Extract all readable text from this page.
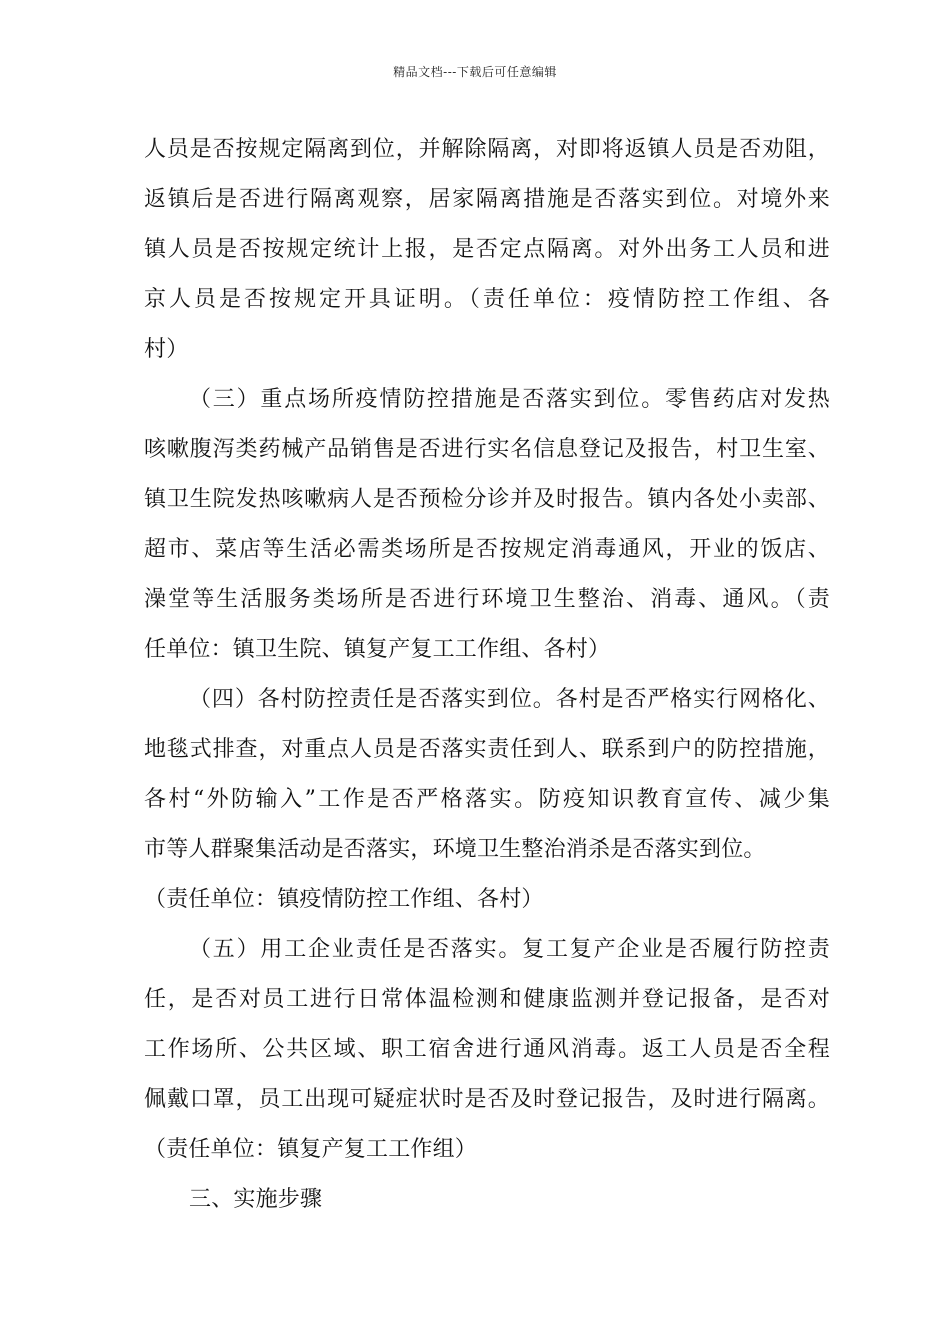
精品文档---下载后可任意编辑
人员是否按规定隔离到位，并解除隔离，对即将返镇人员是否劝阻，
返镇后是否进行隔离观察，居家隔离措施是否落实到位。对境外来
镇人员是否按规定统计上报，是否定点隔离。对外出务工人员和进
京人员是否按规定开具证明。（责任单位：疫情防控工作组、各
村）
（三）重点场所疫情防控措施是否落实到位。零售药店对发热
咳嗽腹泻类药械产品销售是否进行实名信息登记及报告，村卫生室、
镇卫生院发热咳嗽病人是否预检分诊并及时报告。镇内各处小卖部、
超市、菜店等生活必需类场所是否按规定消毒通风，开业的饭店、
澡堂等生活服务类场所是否进行环境卫生整治、消毒、通风。（责
任单位：镇卫生院、镇复产复工工作组、各村）
（四）各村防控责任是否落实到位。各村是否严格实行网格化、
地毯式排查，对重点人员是否落实责任到人、联系到户的防控措施，
各村“外防输入”工作是否严格落实。防疫知识教育宣传、减少集
市等人群聚集活动是否落实，环境卫生整治消杀是否落实到位。
（责任单位：镇疫情防控工作组、各村）
（五）用工企业责任是否落实。复工复产企业是否履行防控责
任，是否对员工进行日常体温检测和健康监测并登记报备，是否对
工作场所、公共区域、职工宿舍进行通风消毒。返工人员是否全程
佩戴口罩，员工出现可疑症状时是否及时登记报告，及时进行隔离。
（责任单位：镇复产复工工作组）
三、实施步骤
